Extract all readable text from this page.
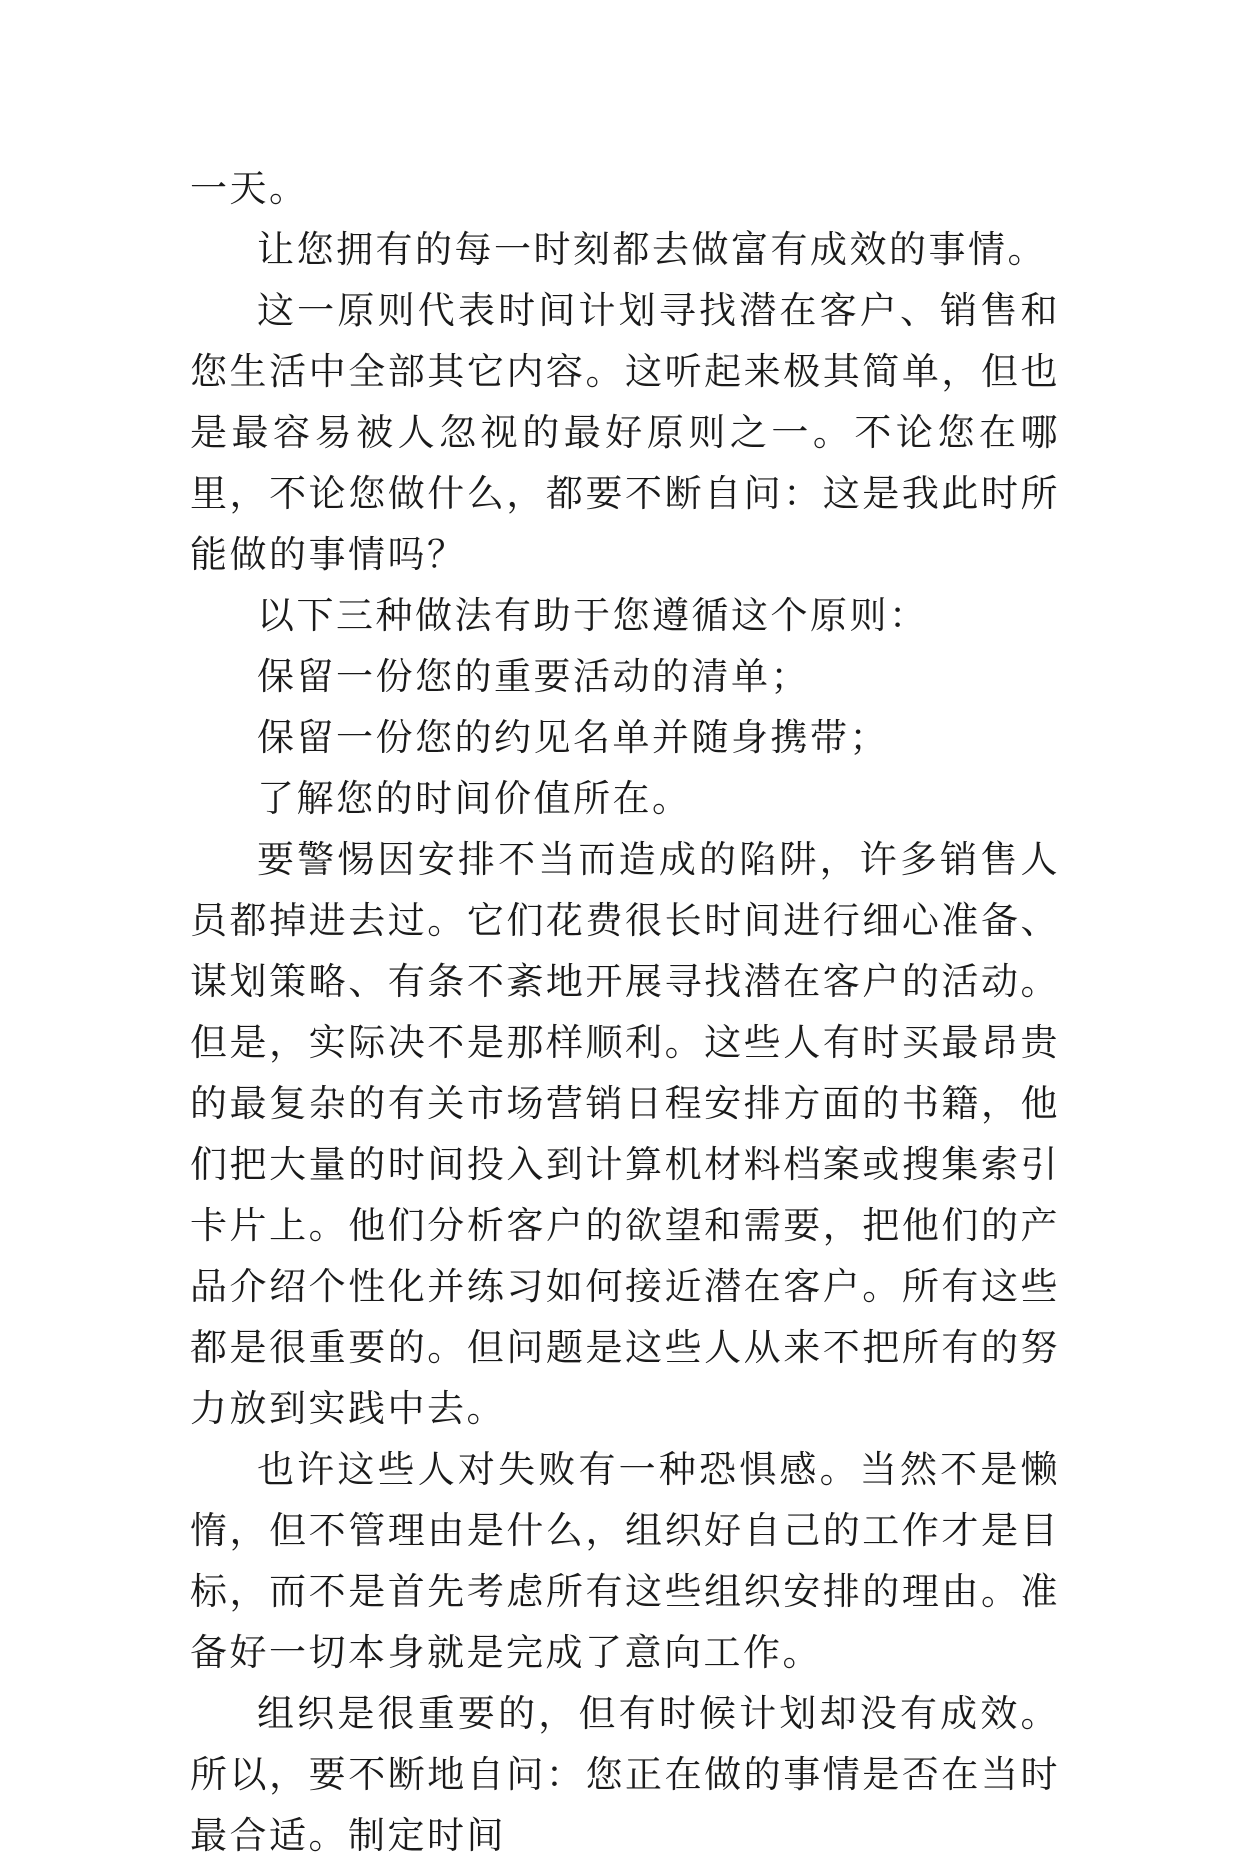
一天。

让您拥有的每一时刻都去做富有成效的事情。

这一原则代表时间计划寻找潜在客户、销售和您生活中全部其它内容。这听起来极其简单，但也是最容易被人忽视的最好原则之一。不论您在哪里，不论您做什么，都要不断自问：这是我此时所能做的事情吗？

以下三种做法有助于您遵循这个原则：

保留一份您的重要活动的清单；

保留一份您的约见名单并随身携带；

了解您的时间价值所在。

要警惕因安排不当而造成的陷阱，许多销售人员都掉进去过。它们花费很长时间进行细心准备、谋划策略、有条不紊地开展寻找潜在客户的活动。但是，实际决不是那样顺利。这些人有时买最昂贵的最复杂的有关市场营销日程安排方面的书籍，他们把大量的时间投入到计算机材料档案或搜集索引卡片上。他们分析客户的欲望和需要，把他们的产品介绍个性化并练习如何接近潜在客户。所有这些都是很重要的。但问题是这些人从来不把所有的努力放到实践中去。

也许这些人对失败有一种恐惧感。当然不是懒惰，但不管理由是什么，组织好自己的工作才是目标，而不是首先考虑所有这些组织安排的理由。准备好一切本身就是完成了意向工作。

组织是很重要的，但有时候计划却没有成效。所以，要不断地自问：您正在做的事情是否在当时最合适。制定时间
